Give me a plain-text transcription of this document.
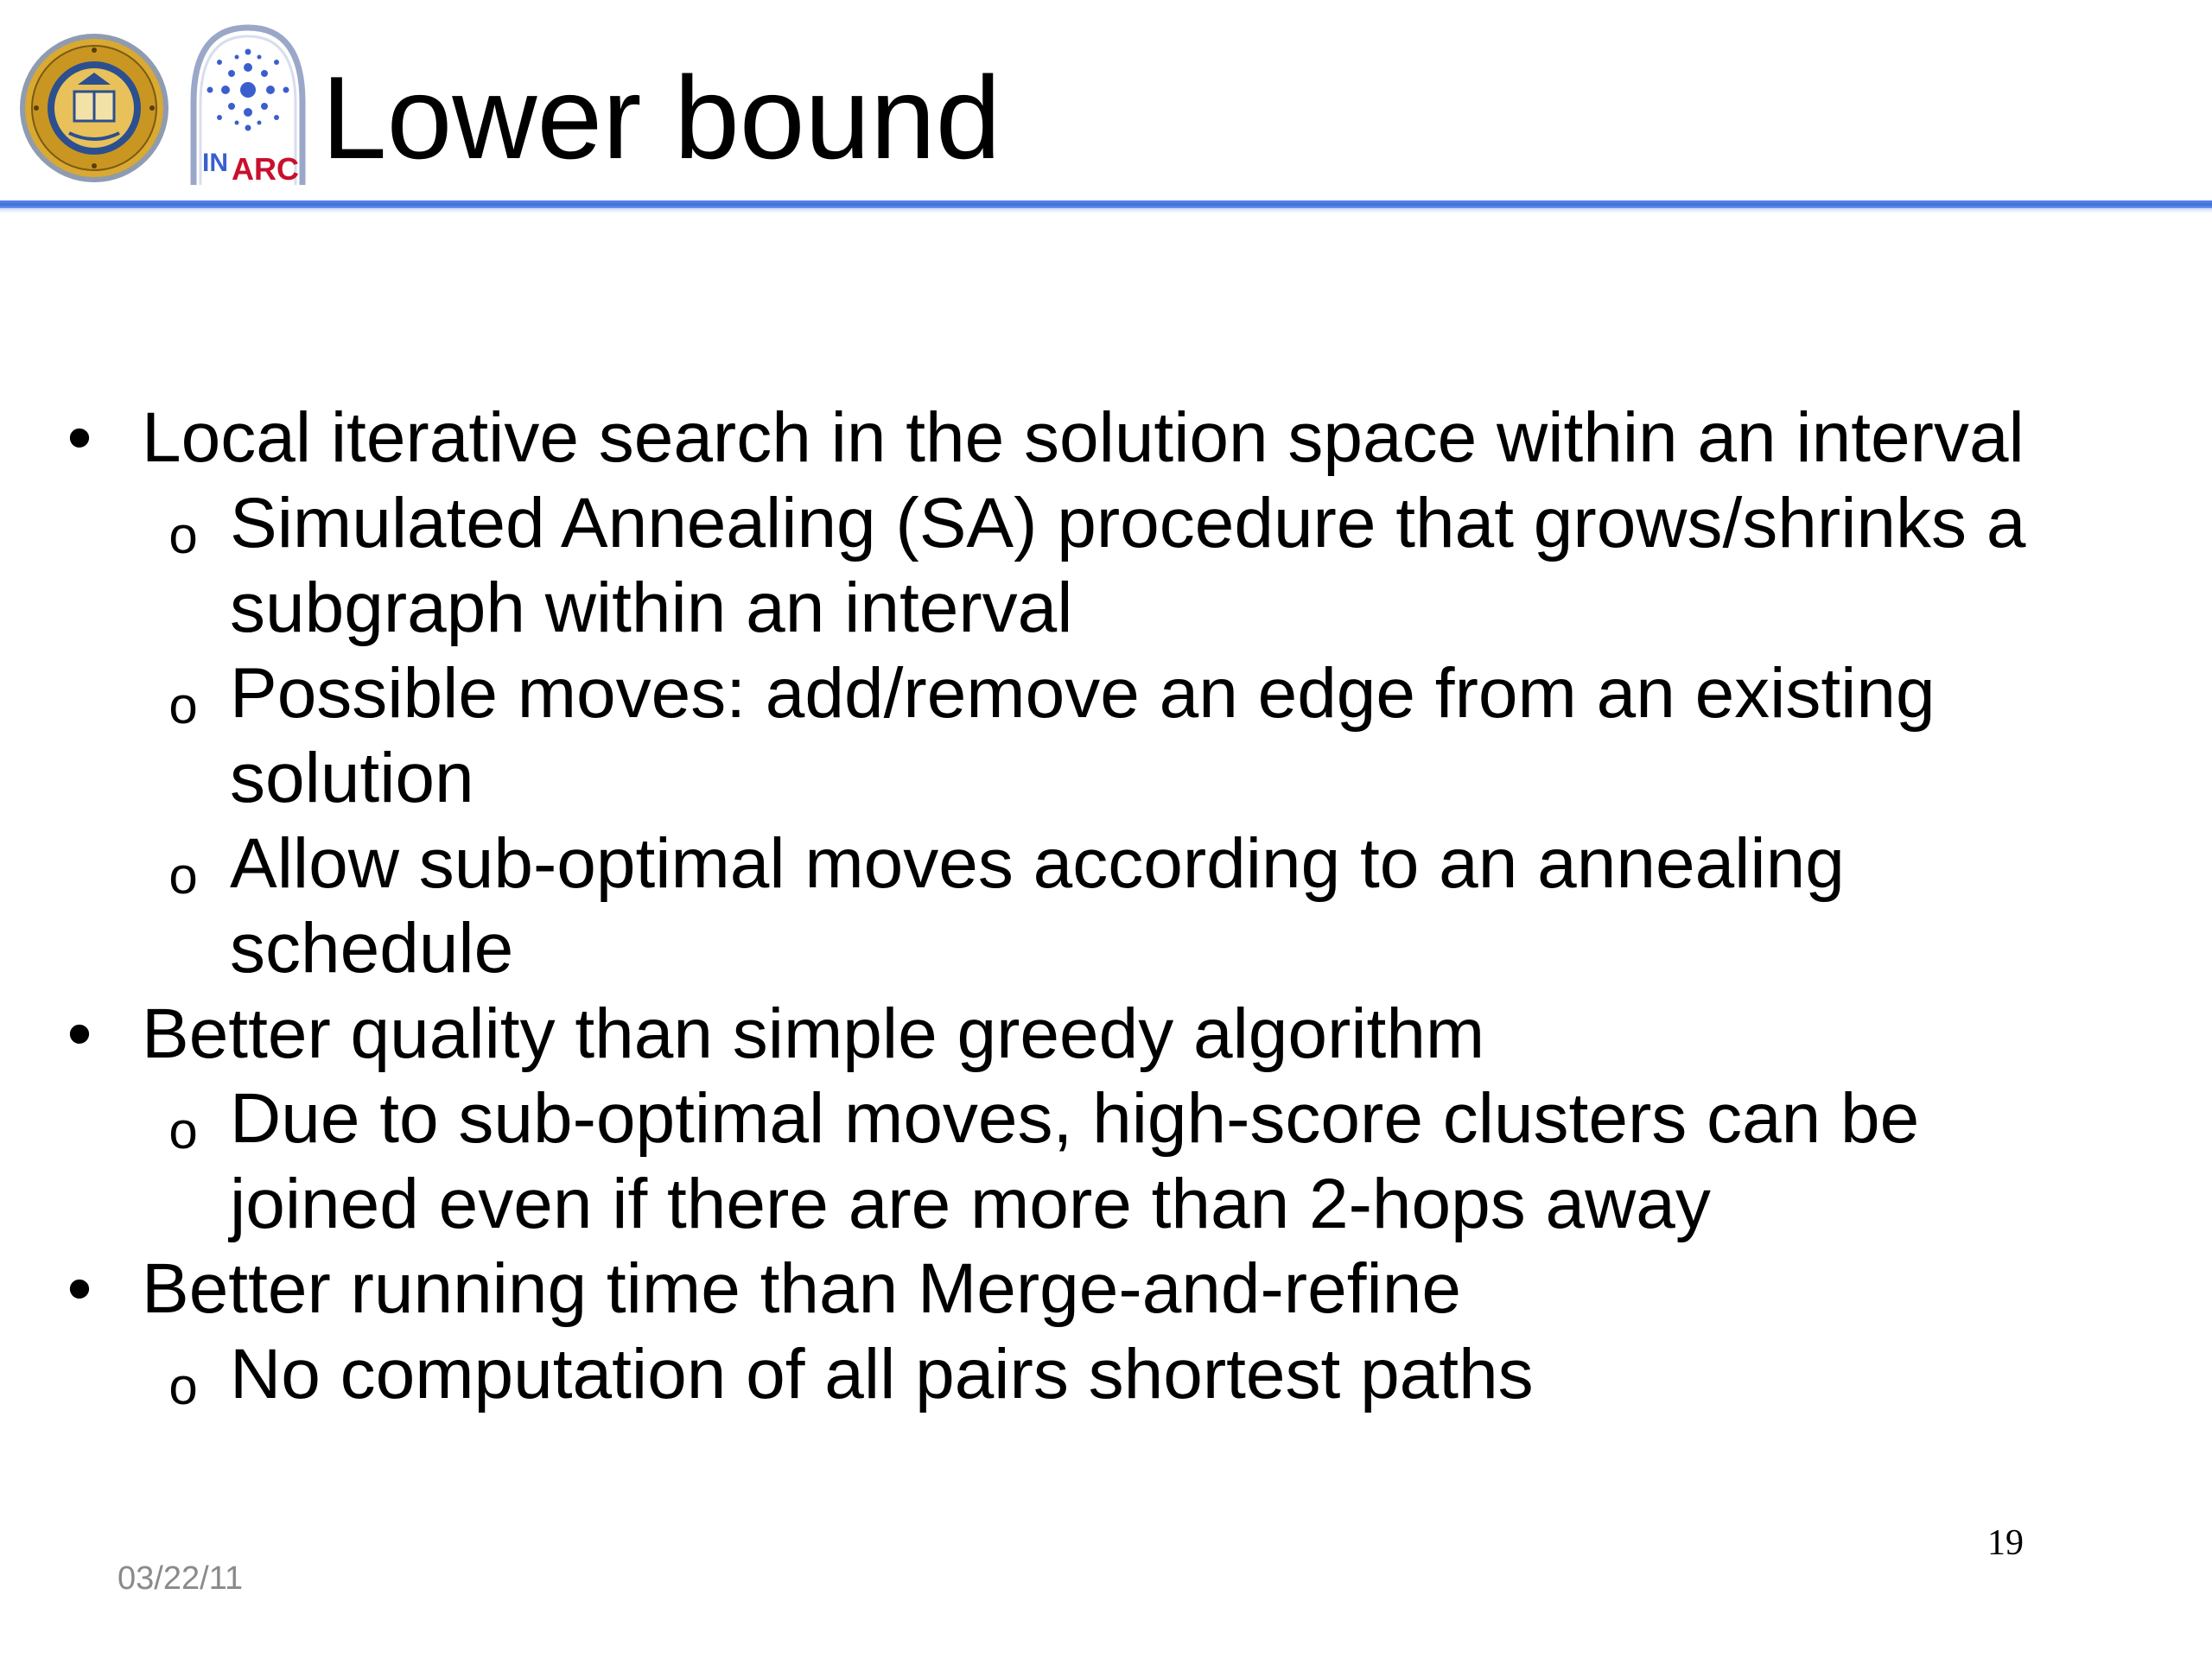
IN ARC Lower bound
• Local iterative search in the solution space within an interval
o Simulated Annealing (SA) procedure that grows/shrinks a
subgraph within an interval
o Possible moves: add/remove an edge from an existing
solution
o Allow sub-optimal moves according to an annealing
schedule
• Better quality than simple greedy algorithm
o Due to sub-optimal moves, high-score clusters can be
joined even if there are more than 2-hops away
• Better running time than Merge-and-refine
o No computation of all pairs shortest paths
03/22/11
19
